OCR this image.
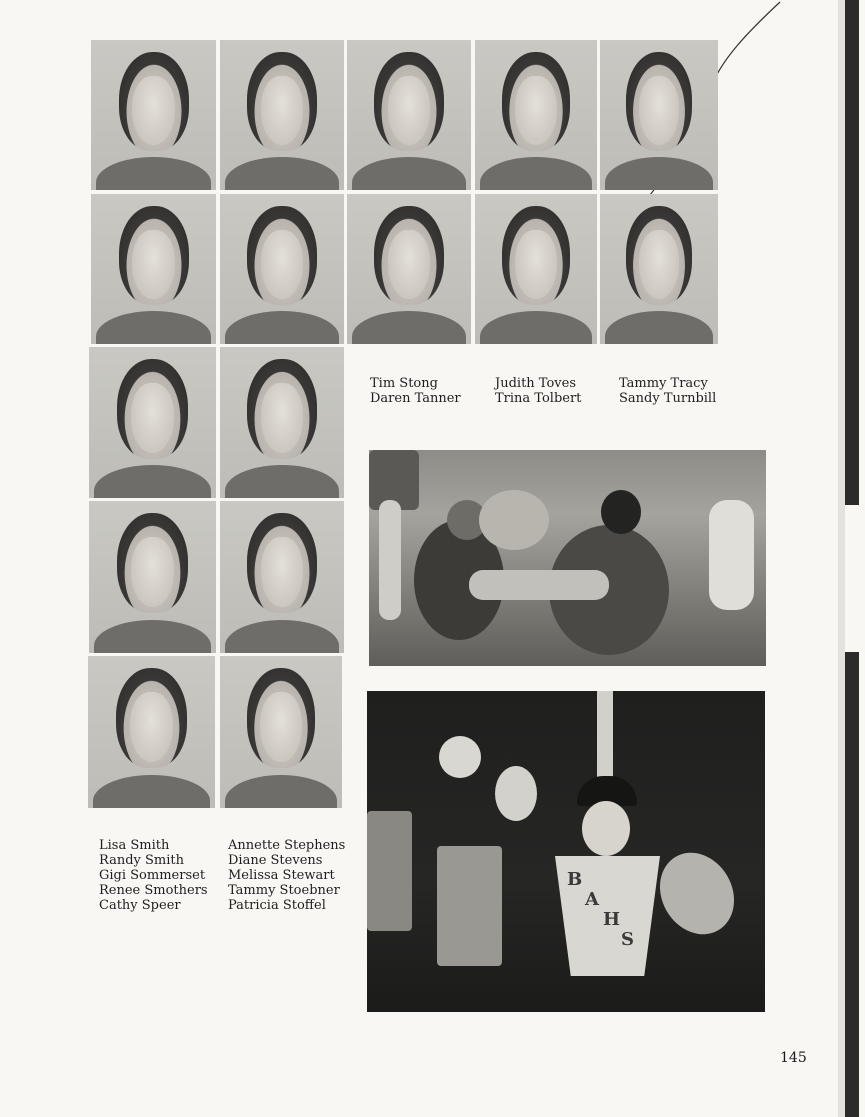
Tim Stong
Daren Tanner
Judith Toves
Trina Tolbert
Tammy Tracy
Sandy Turnbill
Lisa Smith
Randy Smith
Gigi Sommerset
Renee Smothers
Cathy Speer
Annette Stephens
Diane Stevens
Melissa Stewart
Tammy Stoebner
Patricia Stoffel
B
A
H
S
145
